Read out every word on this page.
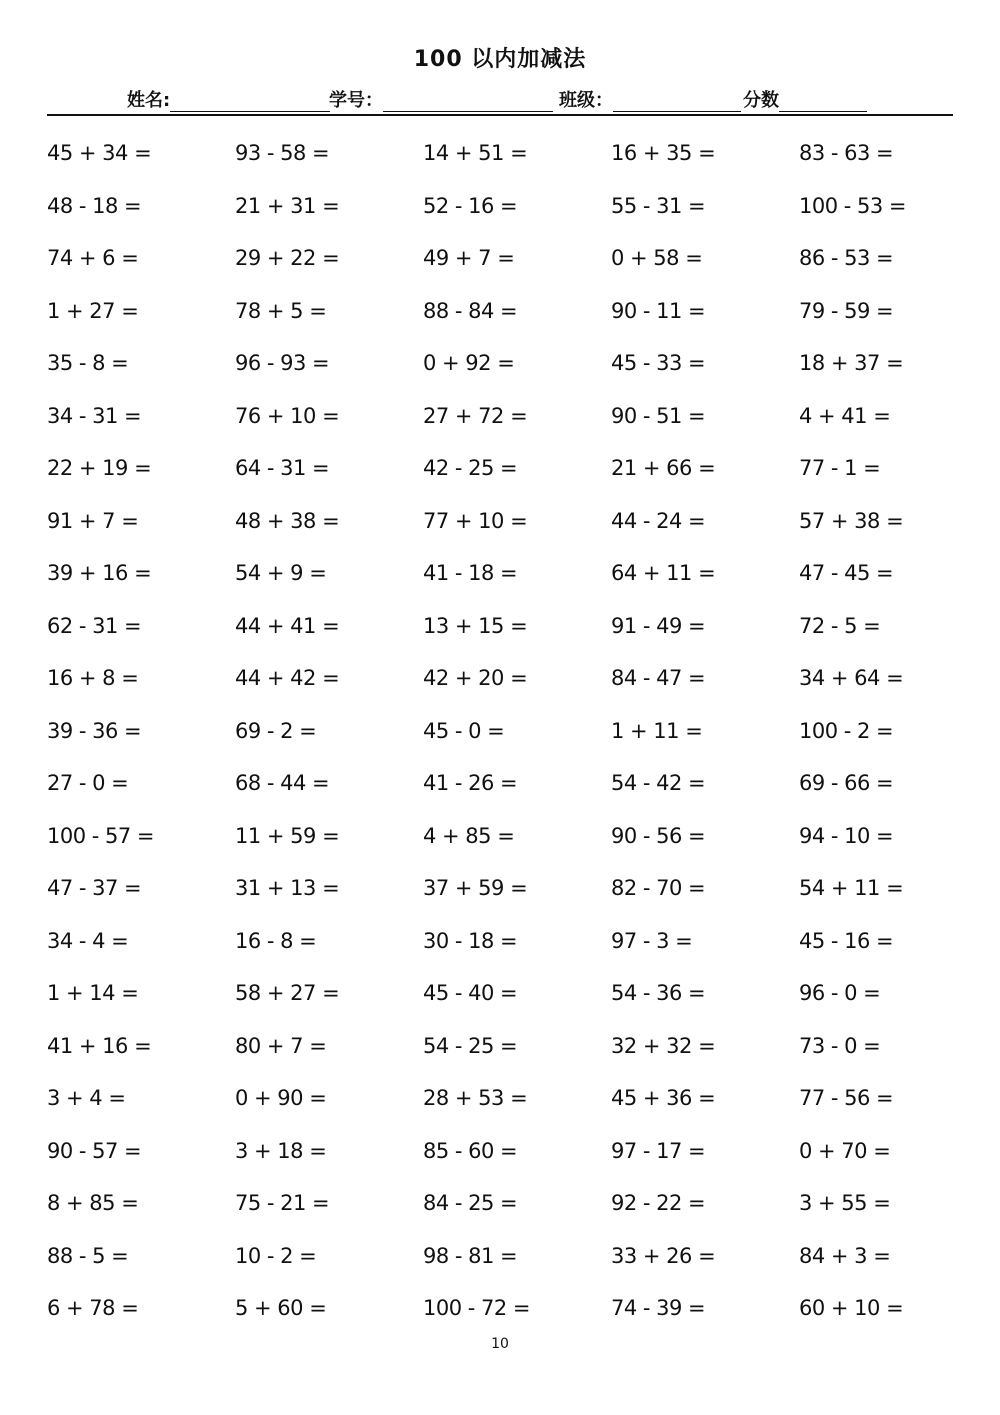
100 以内加减法
姓名:	学号：	班级：	分数
45 + 34 =	93 - 58 =	14 + 51 =	16 + 35 =	83 - 63 =
48 - 18 =	21 + 31 =	52 - 16 =	55 - 31 =	100 - 53 =
74 + 6 =	29 + 22 =	49 + 7 =	0 + 58 =	86 - 53 =
1 + 27 =	78 + 5 =	88 - 84 =	90 - 11 =	79 - 59 =
35 - 8 =	96 - 93 =	0 + 92 =	45 - 33 =	18 + 37 =
34 - 31 =	76 + 10 =	27 + 72 =	90 - 51 =	4 + 41 =
22 + 19 =	64 - 31 =	42 - 25 =	21 + 66 =	77 - 1 =
91 + 7 =	48 + 38 =	77 + 10 =	44 - 24 =	57 + 38 =
39 + 16 =	54 + 9 =	41 - 18 =	64 + 11 =	47 - 45 =
62 - 31 =	44 + 41 =	13 + 15 =	91 - 49 =	72 - 5 =
16 + 8 =	44 + 42 =	42 + 20 =	84 - 47 =	34 + 64 =
39 - 36 =	69 - 2 =	45 - 0 =	1 + 11 =	100 - 2 =
27 - 0 =	68 - 44 =	41 - 26 =	54 - 42 =	69 - 66 =
100 - 57 =	11 + 59 =	4 + 85 =	90 - 56 =	94 - 10 =
47 - 37 =	31 + 13 =	37 + 59 =	82 - 70 =	54 + 11 =
34 - 4 =	16 - 8 =	30 - 18 =	97 - 3 =	45 - 16 =
1 + 14 =	58 + 27 =	45 - 40 =	54 - 36 =	96 - 0 =
41 + 16 =	80 + 7 =	54 - 25 =	32 + 32 =	73 - 0 =
3 + 4 =	0 + 90 =	28 + 53 =	45 + 36 =	77 - 56 =
90 - 57 =	3 + 18 =	85 - 60 =	97 - 17 =	0 + 70 =
8 + 85 =	75 - 21 =	84 - 25 =	92 - 22 =	3 + 55 =
88 - 5 =	10 - 2 =	98 - 81 =	33 + 26 =	84 + 3 =
6 + 78 =	5 + 60 =	100 - 72 =	74 - 39 =	60 + 10 =
10
